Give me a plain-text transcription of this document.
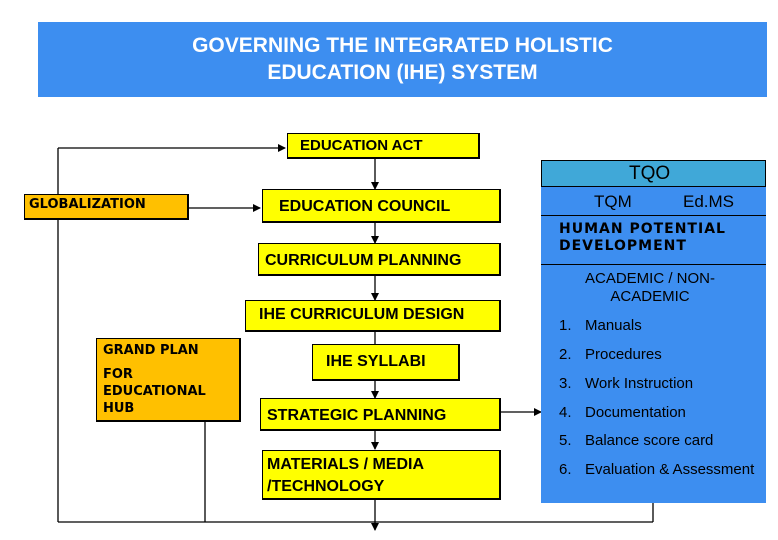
GOVERNING THE INTEGRATED HOLISTIC
EDUCATION (IHE) SYSTEM
EDUCATION ACT
GLOBALIZATION	EDUCATION COUNCIL
CURRICULUM PLANNING
IHE CURRICULUM DESIGN
GRAND PLAN
FOR EDUCATIONAL HUB
IHE SYLLABI
STRATEGIC PLANNING
MATERIALS / MEDIA
/TECHNOLOGY
TQO
TQM	Ed.MS
HUMAN POTENTIAL DEVELOPMENT
ACADEMIC / NON-ACADEMIC
1. Manuals
2. Procedures
3. Work Instruction
4. Documentation
5. Balance score card
6. Evaluation & Assessment
